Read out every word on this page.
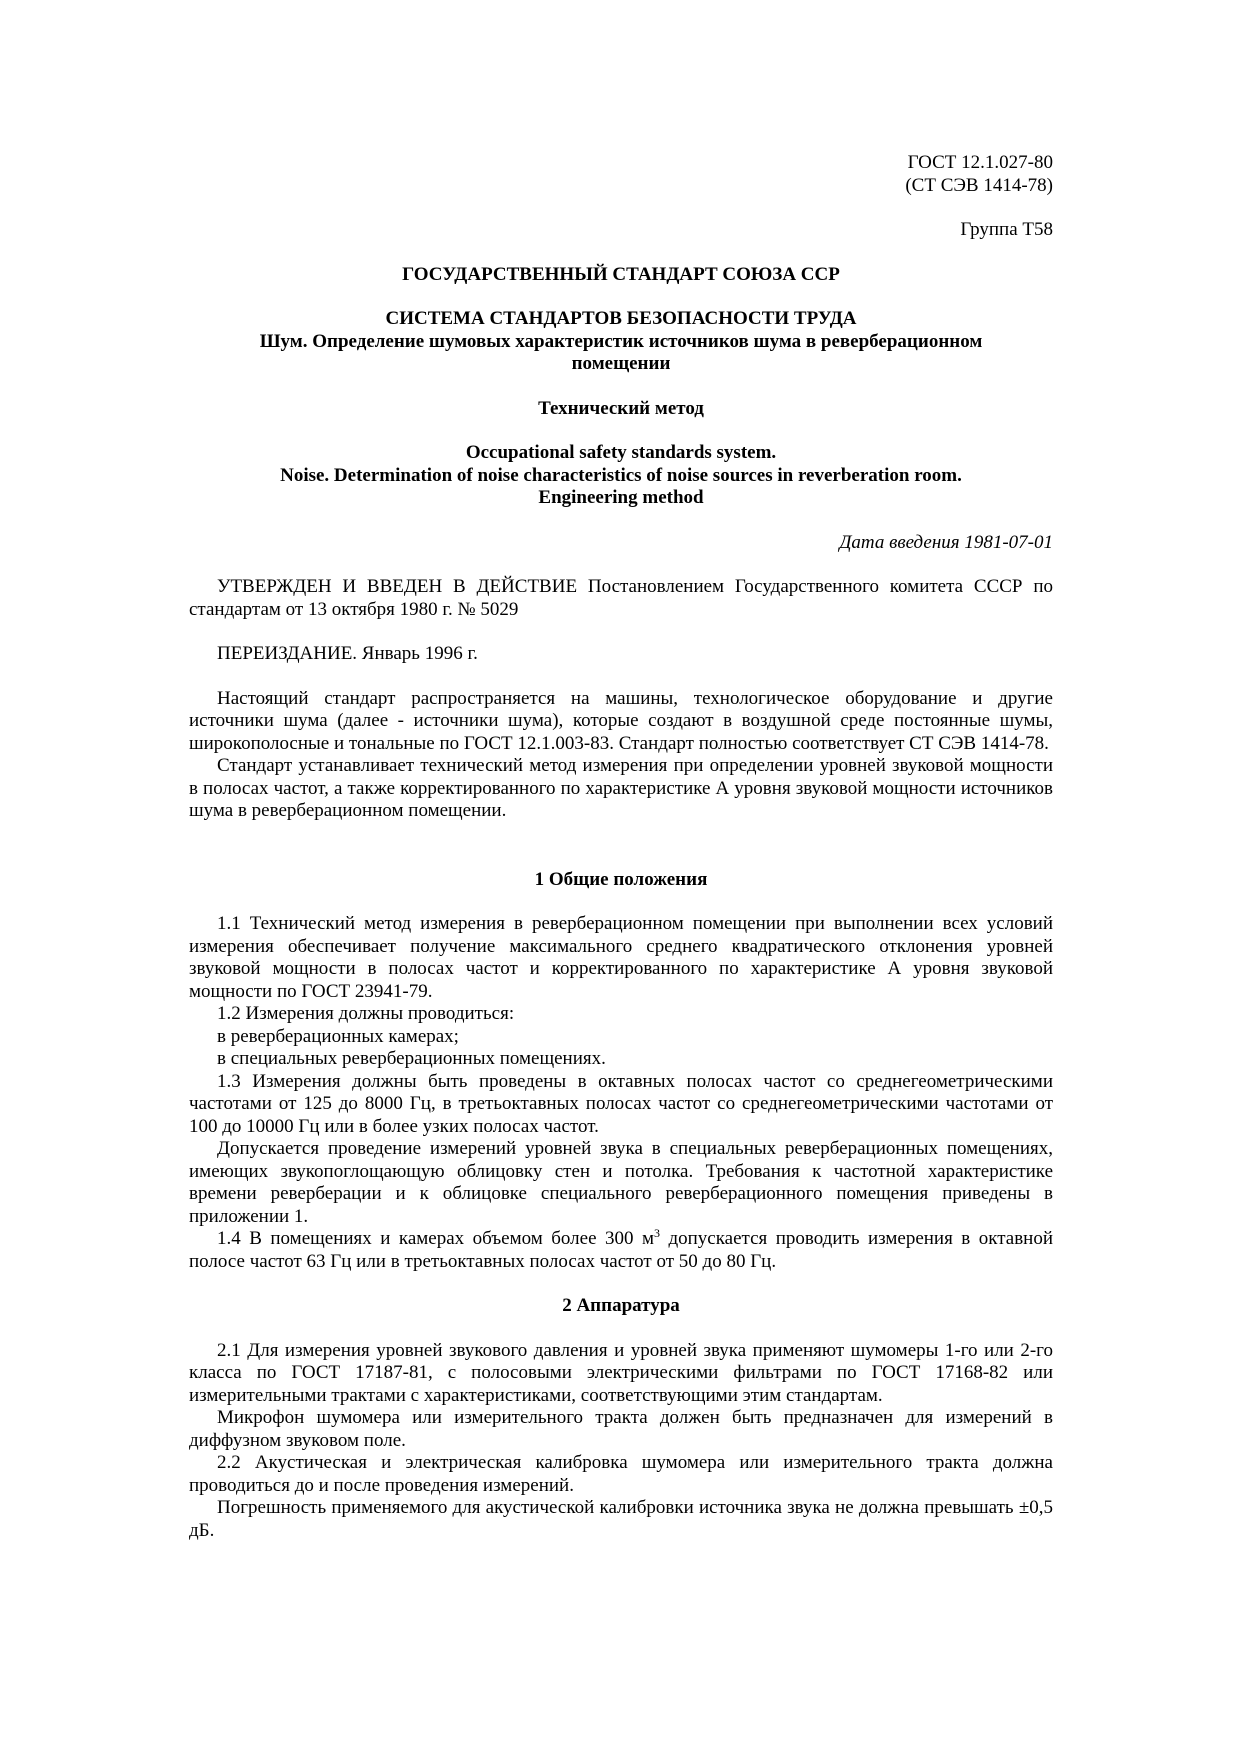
ГОСТ 12.1.027-80

(СТ СЭВ 1414-78)

Группа Т58

ГОСУДАРСТВЕННЫЙ СТАНДАРТ СОЮЗА ССР

СИСТЕМА СТАНДАРТОВ БЕЗОПАСНОСТИ ТРУДА

Шум. Определение шумовых характеристик источников шума в реверберационном

помещении

Технический метод

Occupational safety standards system.

Noise. Determination of noise characteristics of noise sources in reverberation room.

Engineering method

Дата введения 1981-07-01

УТВЕРЖДЕН И ВВЕДЕН В ДЕЙСТВИЕ Постановлением Государственного комитета СССР по стандартам от 13 октября 1980 г. № 5029

ПЕРЕИЗДАНИЕ. Январь 1996 г.

Настоящий стандарт распространяется на машины, технологическое оборудование и другие источники шума (далее - источники шума), которые создают в воздушной среде постоянные шумы, широкополосные и тональные по ГОСТ 12.1.003-83. Стандарт полностью соответствует СТ СЭВ 1414-78.

Стандарт устанавливает технический метод измерения при определении уровней звуковой мощности в полосах частот, а также корректированного по характеристике А уровня звуковой мощности источников шума в реверберационном помещении.

1 Общие положения

1.1 Технический метод измерения в реверберационном помещении при выполнении всех условий измерения обеспечивает получение максимального среднего квадратического отклонения уровней звуковой мощности в полосах частот и корректированного по характеристике А уровня звуковой мощности по ГОСТ 23941-79.

1.2 Измерения должны проводиться:

в реверберационных камерах;

в специальных реверберационных помещениях.

1.3 Измерения должны быть проведены в октавных полосах частот со среднегеометрическими частотами от 125 до 8000 Гц, в третьоктавных полосах частот со среднегеометрическими частотами от 100 до 10000 Гц или в более узких полосах частот.

Допускается проведение измерений уровней звука в специальных реверберационных помещениях, имеющих звукопоглощающую облицовку стен и потолка. Требования к частотной характеристике времени реверберации и к облицовке специального реверберационного помещения приведены в приложении 1.

1.4 В помещениях и камерах объемом более 300 $м^3$ допускается проводить измерения в октавной полосе частот 63 Гц или в третьоктавных полосах частот от 50 до 80 Гц.

2 Аппаратура

2.1 Для измерения уровней звукового давления и уровней звука применяют шумомеры 1-го или 2-го класса по ГОСТ 17187-81, с полосовыми электрическими фильтрами по ГОСТ 17168-82 или измерительными трактами с характеристиками, соответствующими этим стандартам.

Микрофон шумомера или измерительного тракта должен быть предназначен для измерений в диффузном звуковом поле.

2.2 Акустическая и электрическая калибровка шумомера или измерительного тракта должна проводиться до и после проведения измерений.

Погрешность применяемого для акустической калибровки источника звука не должна превышать ±0,5 дБ.
